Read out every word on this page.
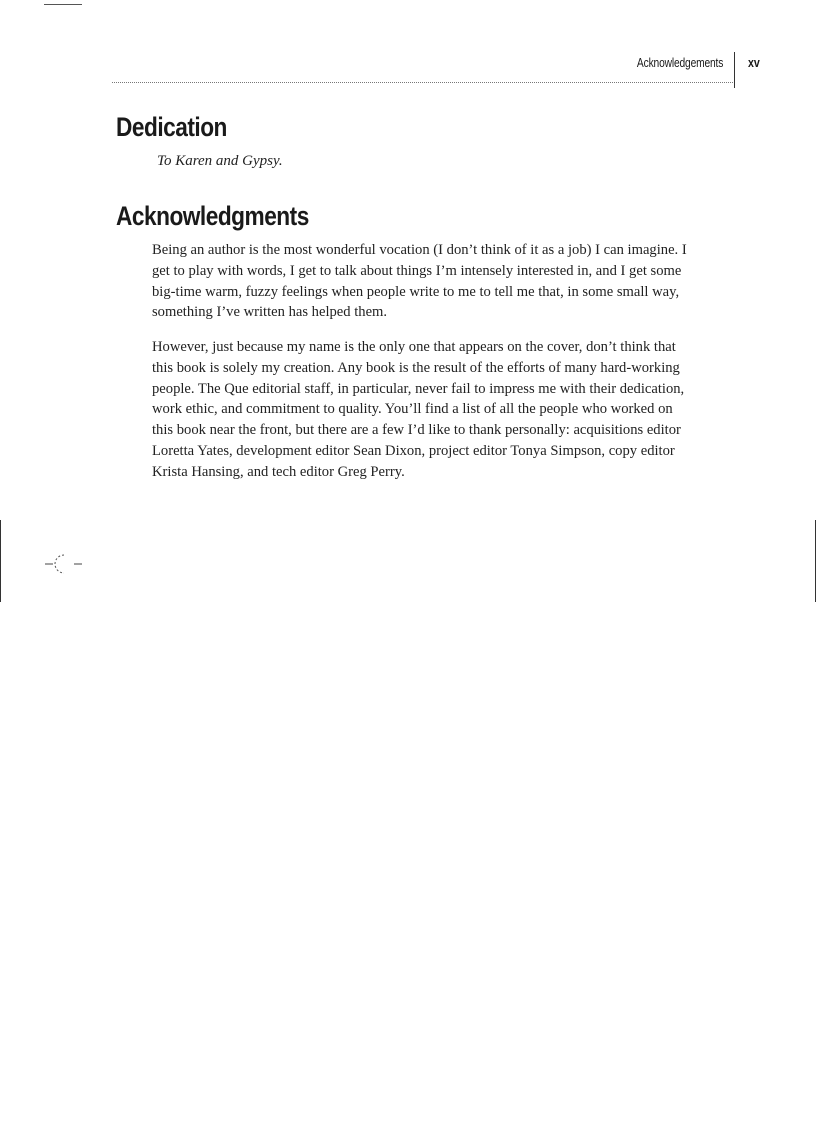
Acknowledgements xv
Dedication
To Karen and Gypsy.
Acknowledgments

Being an author is the most wonderful vocation (I don’t think of it as a job) I can imagine. I
get to play with words, I get to talk about things I’m intensely interested in, and I get some
big-time warm, fuzzy feelings when people write to me to tell me that, in some small way,
something I’ve written has helped them.

However, just because my name is the only one that appears on the cover, don’t think that
this book is solely my creation. Any book is the result of the efforts of many hard-working
people. The Que editorial staff, in particular, never fail to impress me with their dedication,
work ethic, and commitment to quality. You’ll find a list of all the people who worked on
this book near the front, but there are a few I’d like to thank personally: acquisitions editor
Loretta Yates, development editor Sean Dixon, project editor Tonya Simpson, copy editor
Krista Hansing, and tech editor Greg Perry.
